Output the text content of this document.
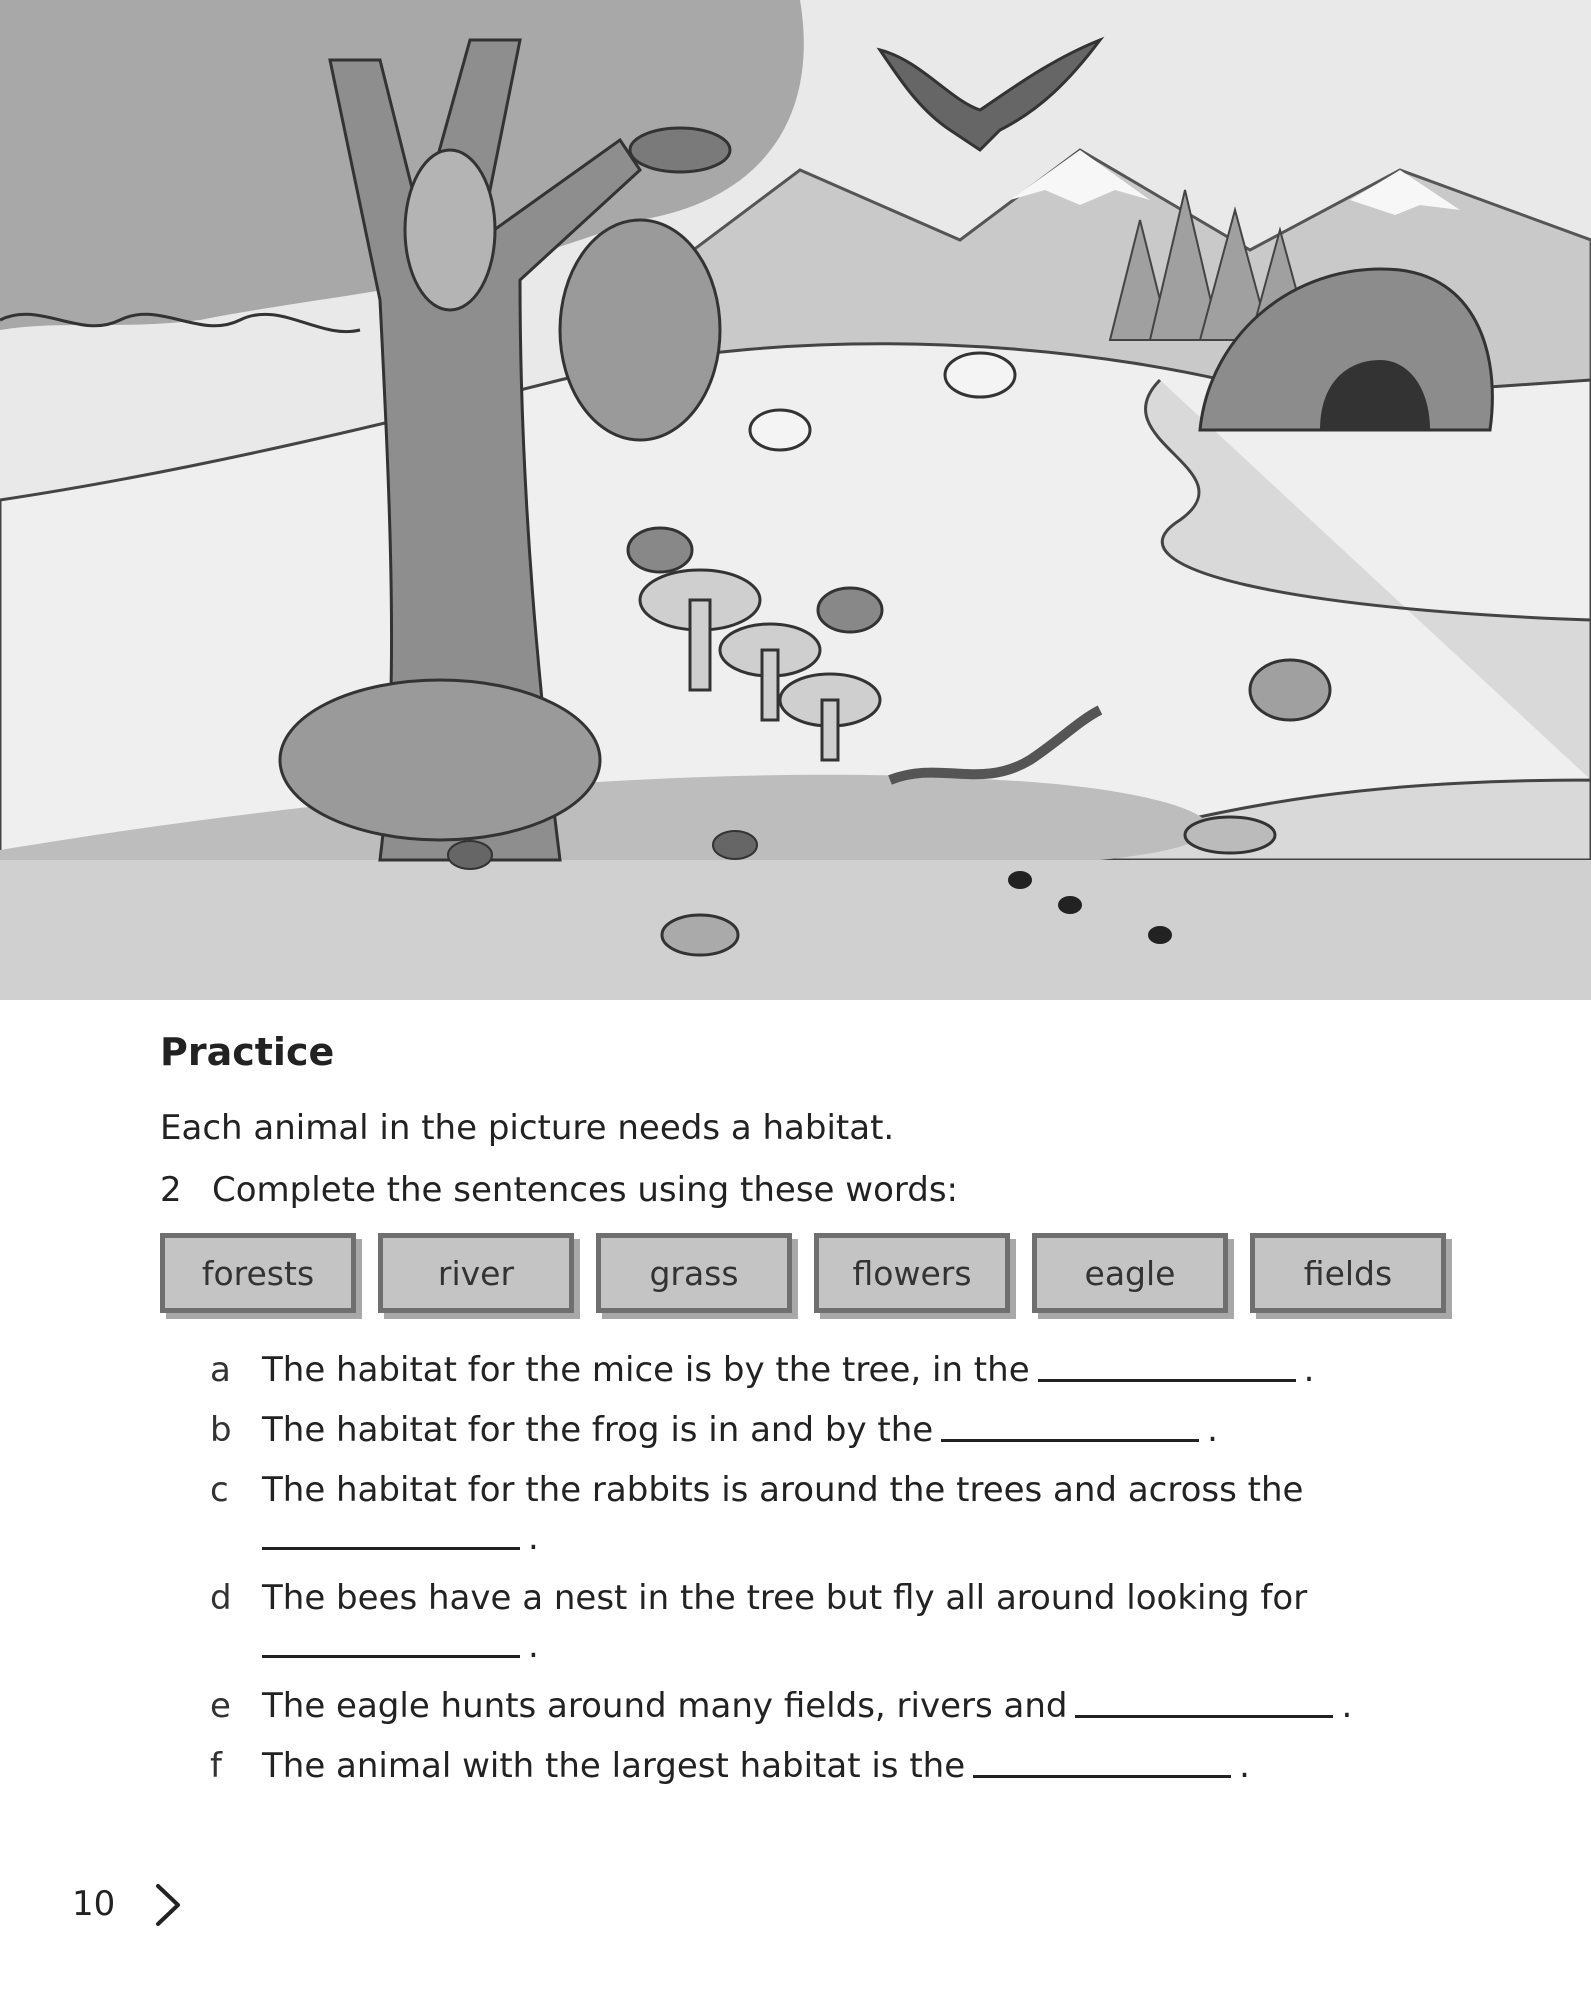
Practice

Each animal in the picture needs a habitat.

2 Complete the sentences using these words:

forests	river	grass	flowers	eagle	fields
a The habitat for the mice is by the tree, in the	.
b The habitat for the frog is in and by the	.
c The habitat for the rabbits is around the trees and across the
.
d The bees have a nest in the tree but fly all around looking for
.
e The eagle hunts around many fields, rivers and	.
f	The animal with the largest habitat is the	.

10
